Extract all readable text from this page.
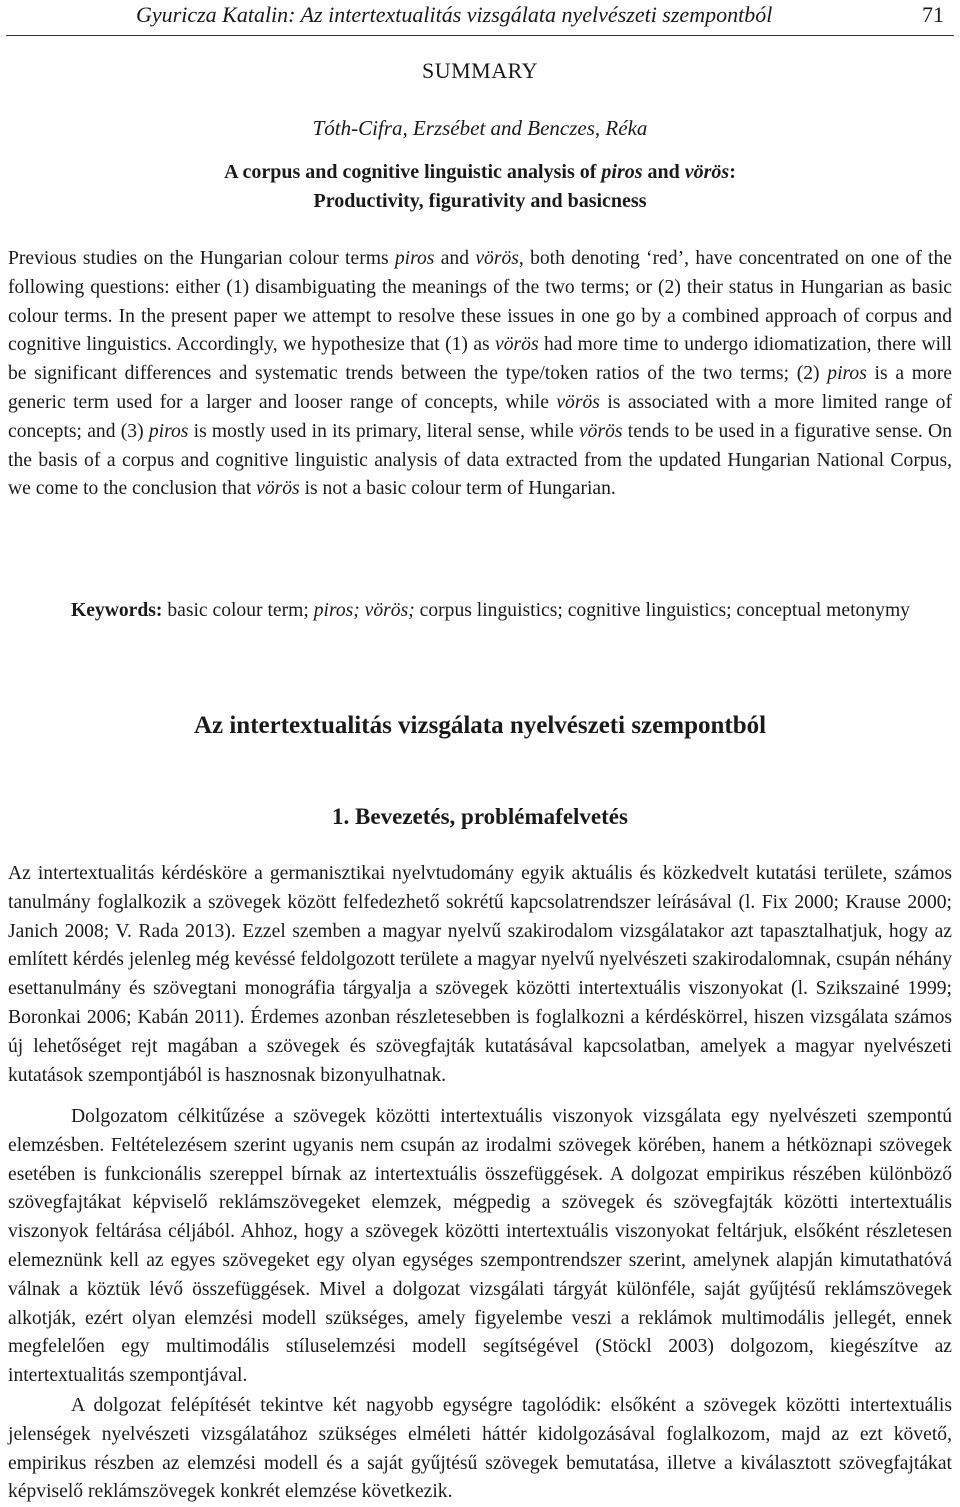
Gyuricza Katalin: Az intertextualitás vizsgálata nyelvészeti szempontból	71
SUMMARY
Tóth-Cifra, Erzsébet and Benczes, Réka
A corpus and cognitive linguistic analysis of piros and vörös:
Productivity, figurativity and basicness
Previous studies on the Hungarian colour terms piros and vörös, both denoting ‘red’, have concentrated on one of the following questions: either (1) disambiguating the meanings of the two terms; or (2) their status in Hungarian as basic colour terms. In the present paper we attempt to resolve these issues in one go by a combined approach of corpus and cognitive linguistics. Accordingly, we hypothesize that (1) as vörös had more time to undergo idiomatization, there will be significant differences and systematic trends between the type/token ratios of the two terms; (2) piros is a more generic term used for a larger and looser range of concepts, while vörös is associated with a more limited range of concepts; and (3) piros is mostly used in its primary, literal sense, while vörös tends to be used in a figurative sense. On the basis of a corpus and cognitive linguistic analysis of data extracted from the updated Hungarian National Corpus, we come to the conclusion that vörös is not a basic colour term of Hungarian.
Keywords: basic colour term; piros; vörös; corpus linguistics; cognitive linguistics; conceptual metonymy
Az intertextualitás vizsgálata nyelvészeti szempontból
1. Bevezetés, problémafelvetés
Az intertextualitás kérdésköre a germanisztikai nyelvtudomány egyik aktuális és közkedvelt kutatási területe, számos tanulmány foglalkozik a szövegek között felfedezhető sokrétű kapcsolatrendszer leírásával (l. Fix 2000; Krause 2000; Janich 2008; V. Rada 2013). Ezzel szemben a magyar nyelvű szakirodalom vizsgálatakor azt tapasztalhatjuk, hogy az említett kérdés jelenleg még kevéssé feldolgozott területe a magyar nyelvű nyelvészeti szakirodalomnak, csupán néhány esettanulmány és szövegtani monográfia tárgyalja a szövegek közötti intertextuális viszonyokat (l. Szikszainé 1999; Boronkai 2006; Kabán 2011). Érdemes azonban részletesebben is foglalkozni a kérdéskörrel, hiszen vizsgálata számos új lehetőséget rejt magában a szövegek és szövegfajták kutatásával kapcsolatban, amelyek a magyar nyelvészeti kutatások szempontjából is hasznosnak bizonyulhatnak.
Dolgozatom célkitűzése a szövegek közötti intertextuális viszonyok vizsgálata egy nyelvészeti szempontú elemzésben. Feltételezésem szerint ugyanis nem csupán az irodalmi szövegek körében, hanem a hétköznapi szövegek esetében is funkcionális szereppel bírnak az intertextuális összefüggések. A dolgozat empirikus részében különböző szövegfajtákat képviselő reklámszövegeket elemzek, mégpedig a szövegek és szövegfajták közötti intertextuális viszonyok feltárása céljából. Ahhoz, hogy a szövegek közötti intertextuális viszonyokat feltárjuk, elsőként részletesen elemeznünk kell az egyes szövegeket egy olyan egységes szempontrendszer szerint, amelynek alapján kimutathatóvá válnak a köztük lévő összefüggések. Mivel a dolgozat vizsgálati tárgyát különféle, saját gyűjtésű reklámszövegek alkotják, ezért olyan elemzési modell szükséges, amely figyelembe veszi a reklámok multimodális jellegét, ennek megfelelően egy multimodális stíluselemzési modell segítségével (Stöckl 2003) dolgozom, kiegészítve az intertextualitás szempontjával.
A dolgozat felépítését tekintve két nagyobb egységre tagolódik: elsőként a szövegek közötti intertextuális jelenségek nyelvészeti vizsgálatához szükséges elméleti háttér kidolgozásával foglalkozom, majd az ezt követő, empirikus részben az elemzési modell és a saját gyűjtésű szövegek bemutatása, illetve a kiválasztott szövegfajtákat képviselő reklámszövegek konkrét elemzése következik.
